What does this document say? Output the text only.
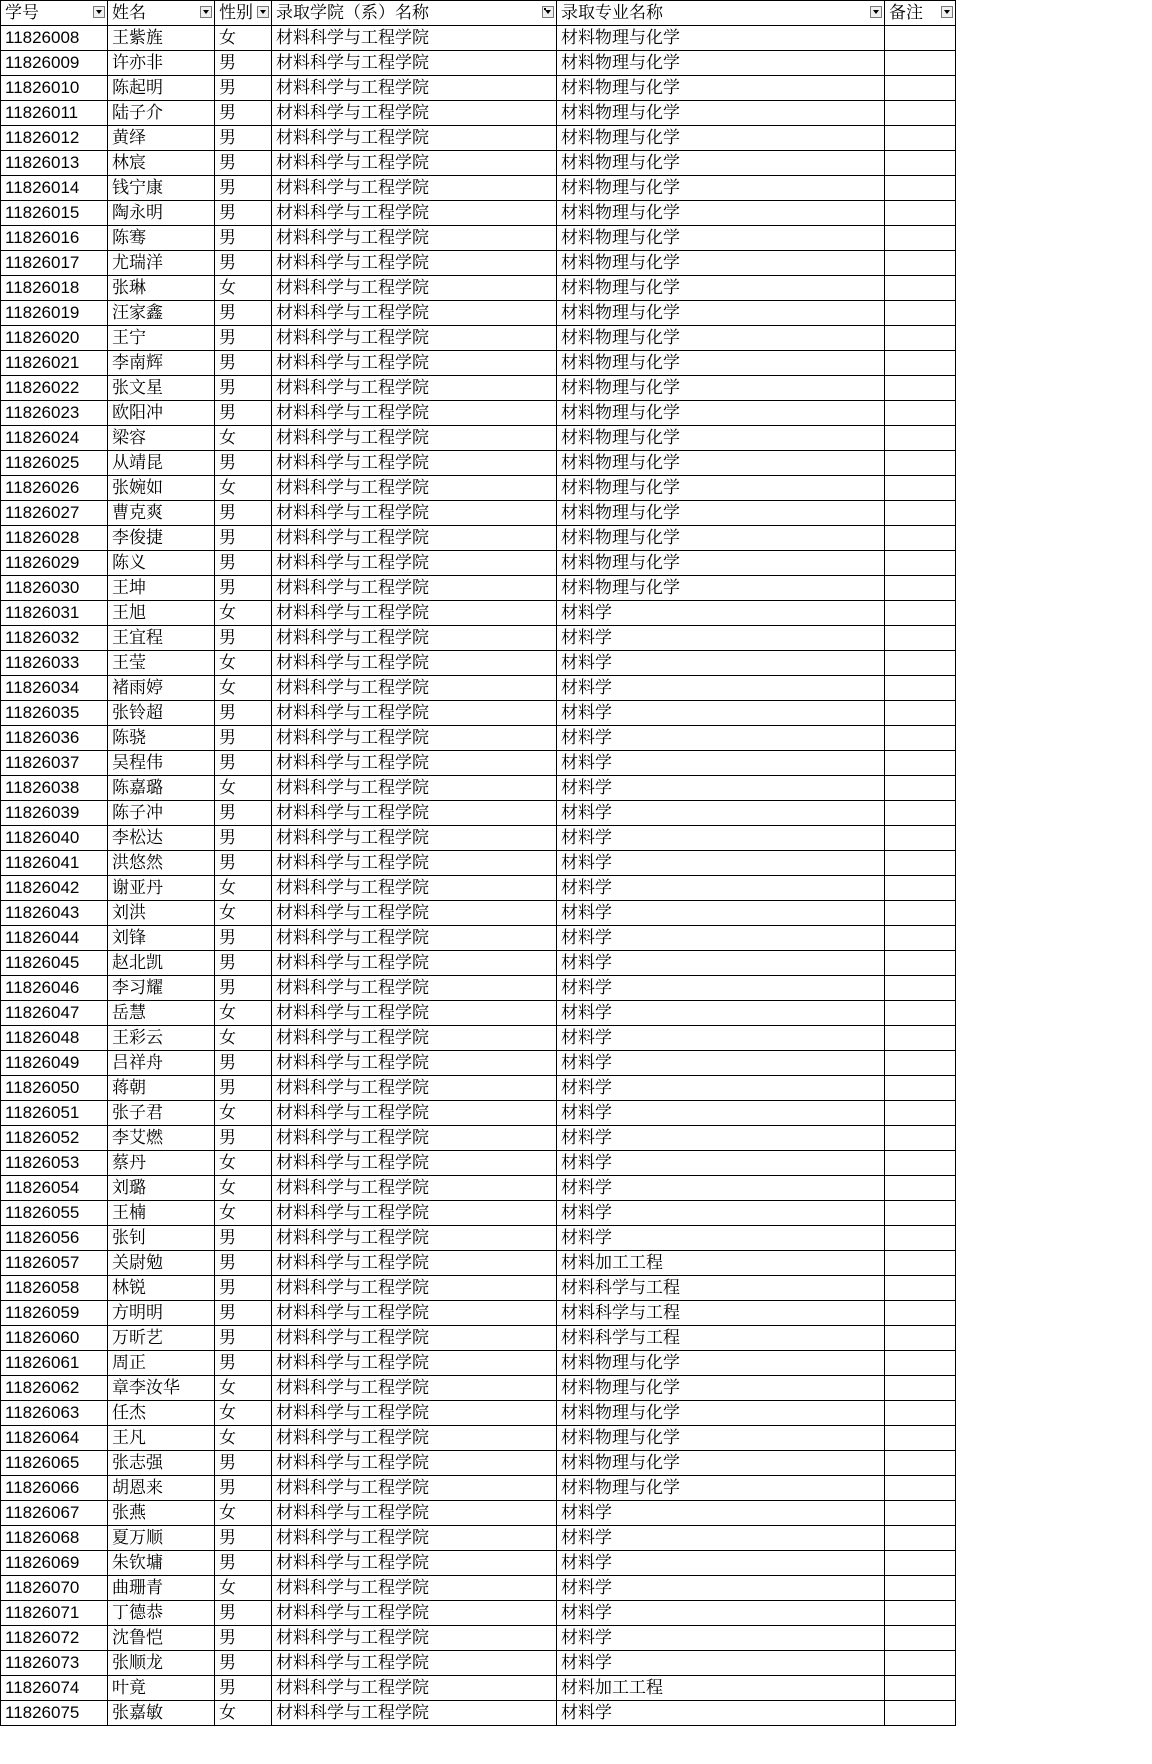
学号	姓名	性别	录取学院（系）名称	录取专业名称	备注

11826008	王紫旌	女	材料科学与工程学院	材料物理与化学	
11826009	许亦非	男	材料科学与工程学院	材料物理与化学	
11826010	陈起明	男	材料科学与工程学院	材料物理与化学	
11826011	陆子介	男	材料科学与工程学院	材料物理与化学	
11826012	黄绎	男	材料科学与工程学院	材料物理与化学	
11826013	林宸	男	材料科学与工程学院	材料物理与化学	
11826014	钱宁康	男	材料科学与工程学院	材料物理与化学	
11826015	陶永明	男	材料科学与工程学院	材料物理与化学	
11826016	陈骞	男	材料科学与工程学院	材料物理与化学	
11826017	尤瑞洋	男	材料科学与工程学院	材料物理与化学	
11826018	张琳	女	材料科学与工程学院	材料物理与化学	
11826019	汪家鑫	男	材料科学与工程学院	材料物理与化学	
11826020	王宁	男	材料科学与工程学院	材料物理与化学	
11826021	李南辉	男	材料科学与工程学院	材料物理与化学	
11826022	张文星	男	材料科学与工程学院	材料物理与化学	
11826023	欧阳冲	男	材料科学与工程学院	材料物理与化学	
11826024	梁容	女	材料科学与工程学院	材料物理与化学	
11826025	从靖昆	男	材料科学与工程学院	材料物理与化学	
11826026	张婉如	女	材料科学与工程学院	材料物理与化学	
11826027	曹克爽	男	材料科学与工程学院	材料物理与化学	
11826028	李俊捷	男	材料科学与工程学院	材料物理与化学	
11826029	陈义	男	材料科学与工程学院	材料物理与化学	
11826030	王坤	男	材料科学与工程学院	材料物理与化学	
11826031	王旭	女	材料科学与工程学院	材料学	
11826032	王宜程	男	材料科学与工程学院	材料学	
11826033	王莹	女	材料科学与工程学院	材料学	
11826034	褚雨婷	女	材料科学与工程学院	材料学	
11826035	张铃超	男	材料科学与工程学院	材料学	
11826036	陈骁	男	材料科学与工程学院	材料学	
11826037	吴程伟	男	材料科学与工程学院	材料学	
11826038	陈嘉璐	女	材料科学与工程学院	材料学	
11826039	陈子冲	男	材料科学与工程学院	材料学	
11826040	李松达	男	材料科学与工程学院	材料学	
11826041	洪悠然	男	材料科学与工程学院	材料学	
11826042	谢亚丹	女	材料科学与工程学院	材料学	
11826043	刘洪	女	材料科学与工程学院	材料学	
11826044	刘锋	男	材料科学与工程学院	材料学	
11826045	赵北凯	男	材料科学与工程学院	材料学	
11826046	李习耀	男	材料科学与工程学院	材料学	
11826047	岳慧	女	材料科学与工程学院	材料学	
11826048	王彩云	女	材料科学与工程学院	材料学	
11826049	吕祥舟	男	材料科学与工程学院	材料学	
11826050	蒋朝	男	材料科学与工程学院	材料学	
11826051	张子君	女	材料科学与工程学院	材料学	
11826052	李艾燃	男	材料科学与工程学院	材料学	
11826053	蔡丹	女	材料科学与工程学院	材料学	
11826054	刘璐	女	材料科学与工程学院	材料学	
11826055	王楠	女	材料科学与工程学院	材料学	
11826056	张钊	男	材料科学与工程学院	材料学	
11826057	关尉勉	男	材料科学与工程学院	材料加工工程	
11826058	林锐	男	材料科学与工程学院	材料科学与工程	
11826059	方明明	男	材料科学与工程学院	材料科学与工程	
11826060	万昕艺	男	材料科学与工程学院	材料科学与工程	
11826061	周正	男	材料科学与工程学院	材料物理与化学	
11826062	章李汝华	女	材料科学与工程学院	材料物理与化学	
11826063	任杰	女	材料科学与工程学院	材料物理与化学	
11826064	王凡	女	材料科学与工程学院	材料物理与化学	
11826065	张志强	男	材料科学与工程学院	材料物理与化学	
11826066	胡恩来	男	材料科学与工程学院	材料物理与化学	
11826067	张燕	女	材料科学与工程学院	材料学	
11826068	夏万顺	男	材料科学与工程学院	材料学	
11826069	朱钦墉	男	材料科学与工程学院	材料学	
11826070	曲珊青	女	材料科学与工程学院	材料学	
11826071	丁德恭	男	材料科学与工程学院	材料学	
11826072	沈鲁恺	男	材料科学与工程学院	材料学	
11826073	张顺龙	男	材料科学与工程学院	材料学	
11826074	叶竟	男	材料科学与工程学院	材料加工工程	
11826075	张嘉敏	女	材料科学与工程学院	材料学	
